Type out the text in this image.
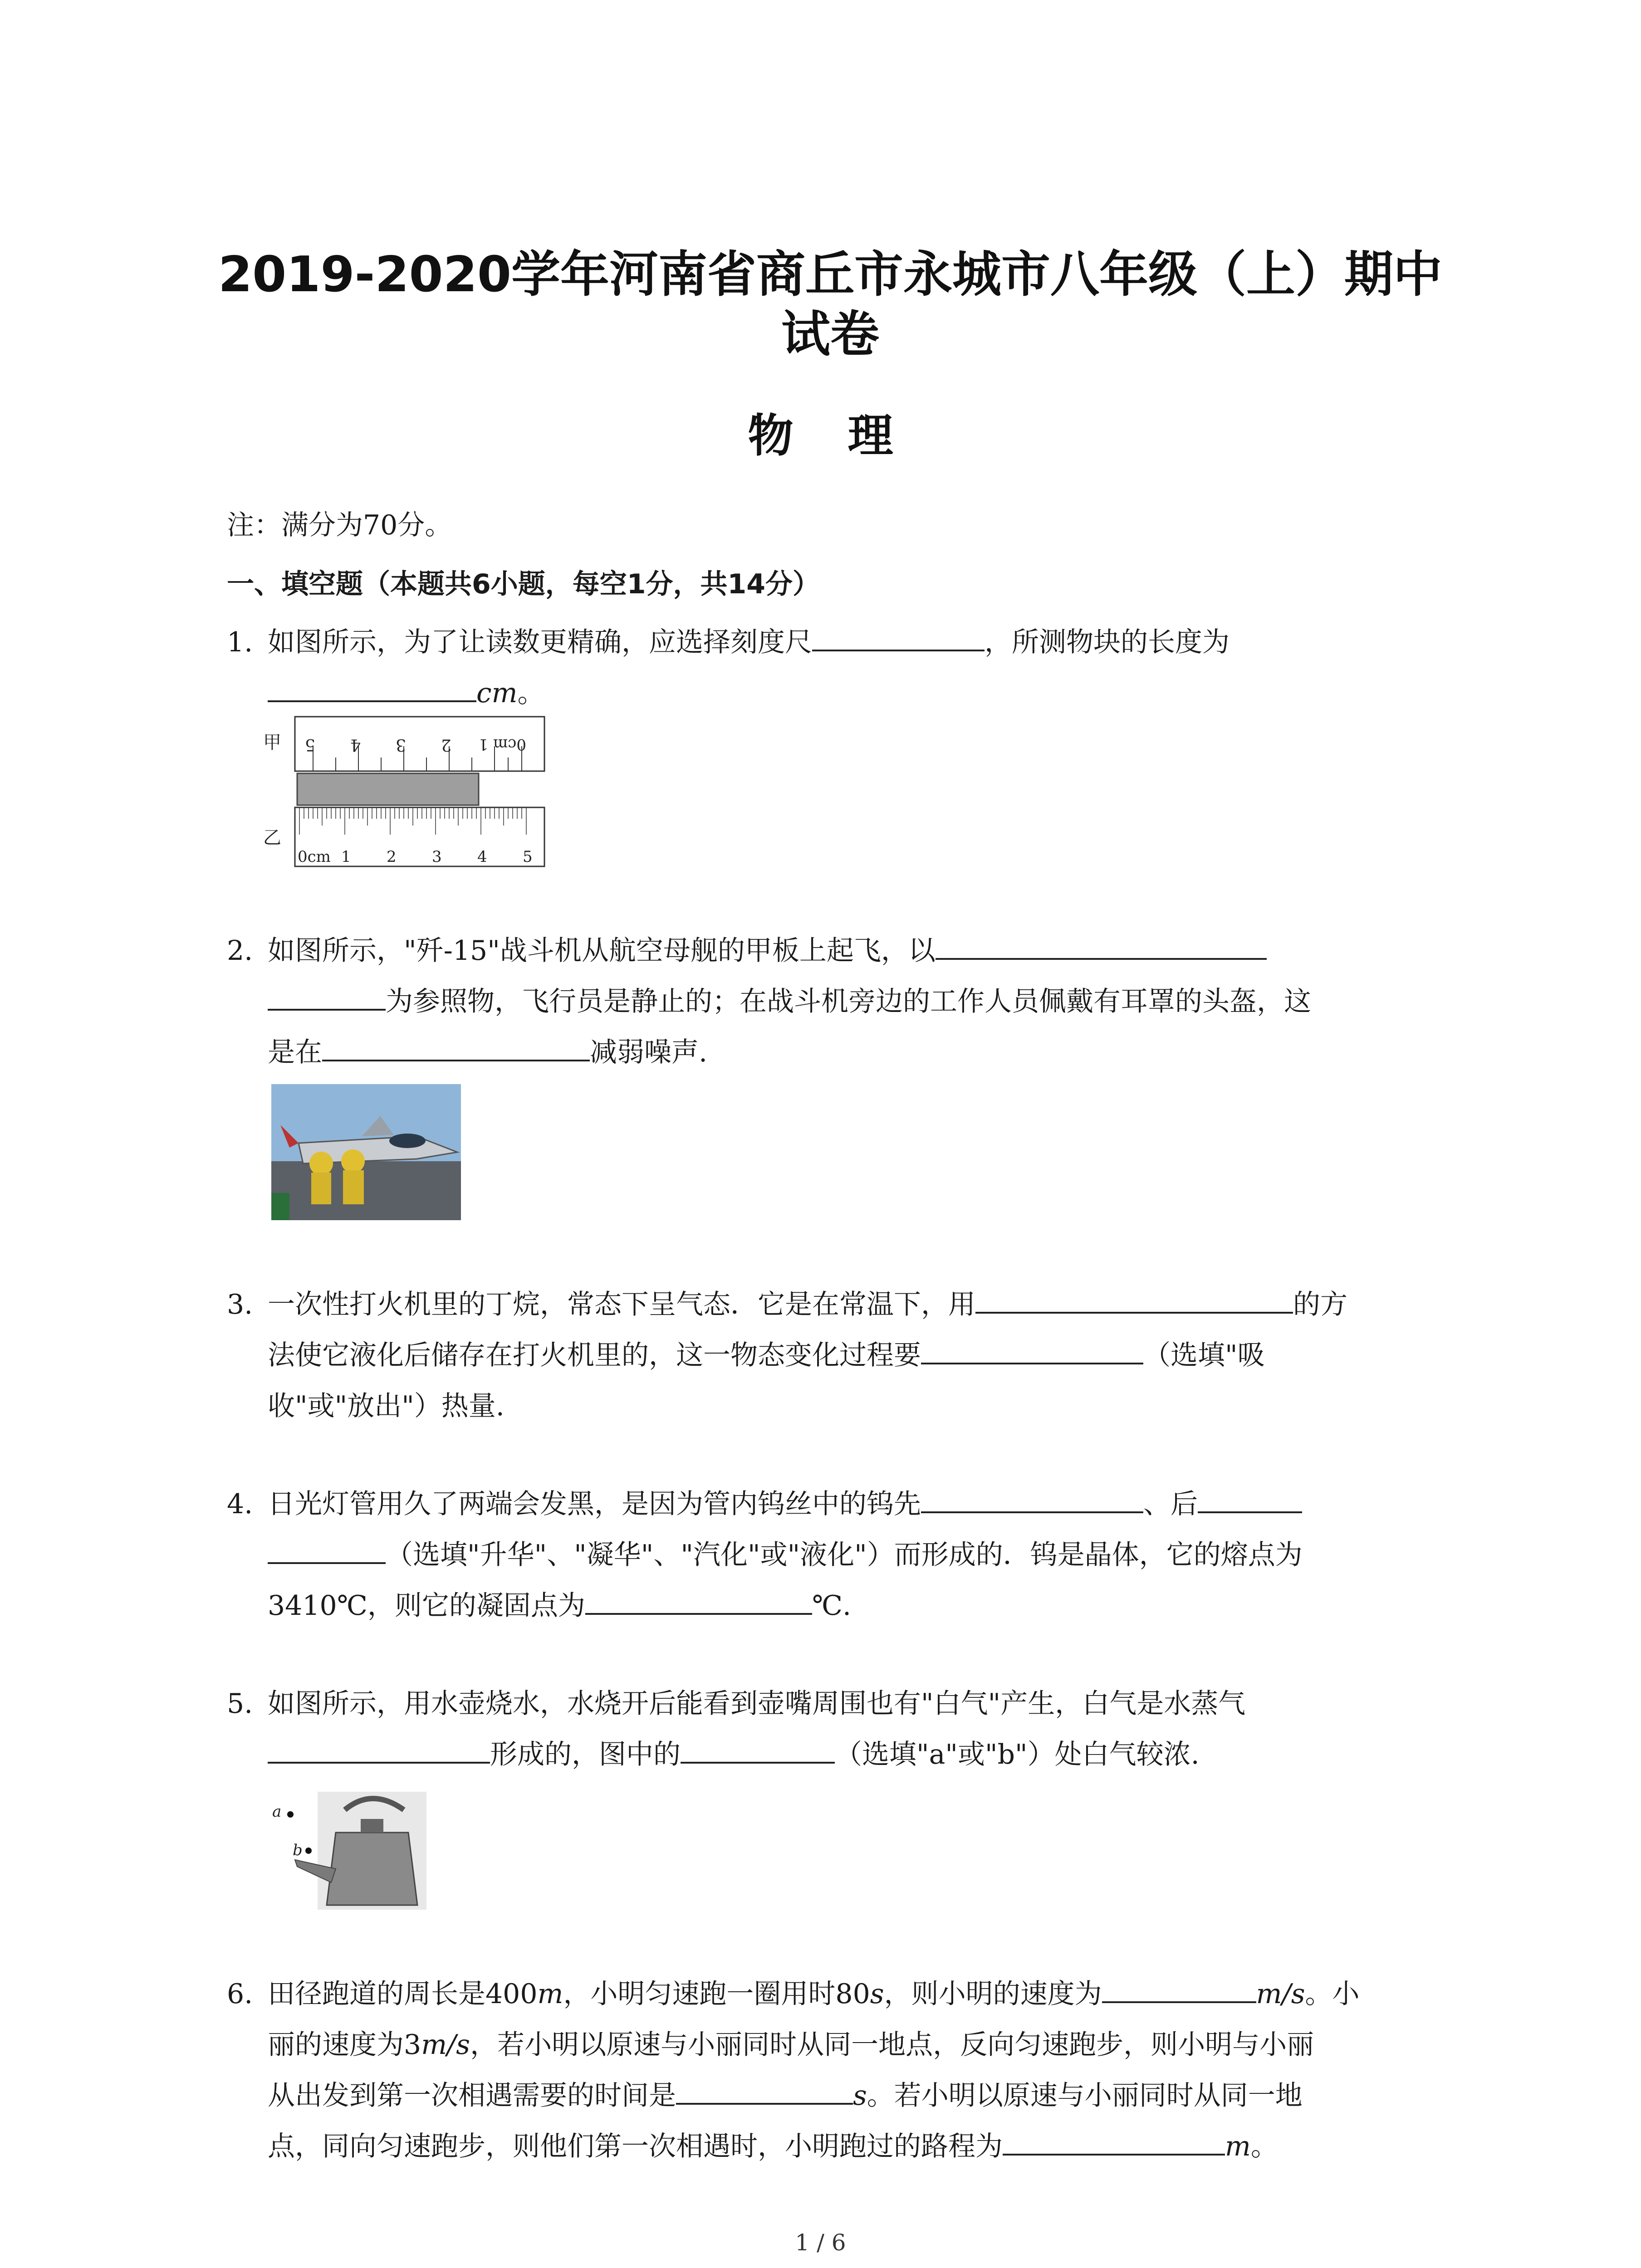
2019-2020学年河南省商丘市永城市八年级（上）期中
试卷
物理
注：满分为70分。
一、填空题（本题共6小题，每空1分，共14分）
1. 如图所示，为了让读数更精确，应选择刻度尺	，所测物块的长度为
cm。
5 4 3 2 0cm 1
0cm 1 2 3 4 5
甲
乙
2. 如图所示，"歼-15"战斗机从航空母舰的甲板上起飞，以
为参照物，飞行员是静止的；在战斗机旁边的工作人员佩戴有耳罩的头盔，这
是在	减弱噪声.
3. 一次性打火机里的丁烷，常态下呈气态．它是在常温下，用	的方
法使它液化后储存在打火机里的，这一物态变化过程要	（选填"吸
收"或"放出"）热量.
4. 日光灯管用久了两端会发黑，是因为管内钨丝中的钨先	、后
（选填"升华"、"凝华"、"汽化"或"液化"）而形成的．钨是晶体，它的熔点为
3410℃，则它的凝固点为	℃.
5. 如图所示，用水壶烧水，水烧开后能看到壶嘴周围也有"白气"产生，白气是水蒸气
形成的，图中的	（选填"a"或"b"）处白气较浓.
a
b
6. 田径跑道的周长是400m，小明匀速跑一圈用时80s，则小明的速度为	m/s。小
丽的速度为3m/s，若小明以原速与小丽同时从同一地点，反向匀速跑步，则小明与小丽
从出发到第一次相遇需要的时间是	s。若小明以原速与小丽同时从同一地
点，同向匀速跑步，则他们第一次相遇时，小明跑过的路程为	m。
1 / 6
